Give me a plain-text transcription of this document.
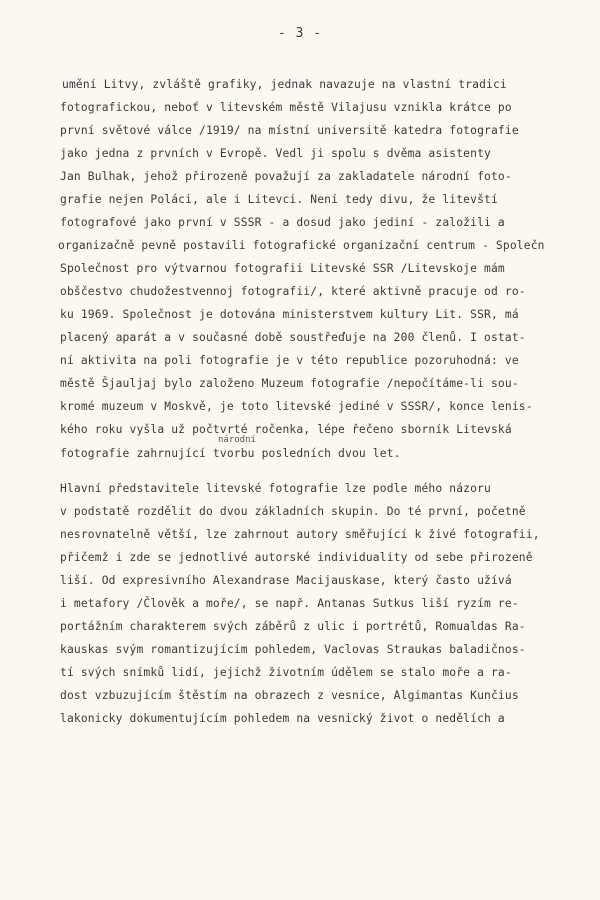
- 3 -
umění Litvy, zvláště grafiky, jednak navazuje na vlastní tradici
fotografickou, neboť v litevském městě Vilajusu vznikla krátce po
první světové válce /1919/ na místní universitě katedra fotografie
jako jedna z prvních v Evropě. Vedl ji spolu s dvěma asistenty
Jan Bulhak, jehož přirozeně považují za zakladatele národní foto-
grafie nejen Poláci, ale i Litevci. Není tedy divu, že litevští
fotografové jako první v SSSR - a dosud jako jediní - založili a
organizačně pevně postavili fotografické organizační centrum - Společn
Společnost pro výtvarnou fotografii Litevské SSR /Litevskoje mám
obščestvo chudožestvennoj fotografii/, které aktivně pracuje od ro-
ku 1969. Společnost je dotována ministerstvem kultury Lit. SSR, má
placený aparát a v současné době soustřeďuje na 200 členů. I ostat-
ní aktivita na poli fotografie je v této republice pozoruhodná: ve
městě Šjauljaj bylo založeno Muzeum fotografie /nepočítáme-li sou-
kromé muzeum v Moskvě, je toto litevské jediné v SSSR/, konce lenis-
kého roku vyšla už počtvrté ročenka, lépe řečeno sborník Litevská
národní
fotografie zahrnující tvorbu posledních dvou let.
Hlavní představitele litevské fotografie lze podle mého názoru
v podstatě rozdělit do dvou základních skupin. Do té první, početně
nesrovnatelně větší, lze zahrnout autory směřující k živé fotografii,
přičemž i zde se jednotlivé autorské individuality od sebe přirozeně
liší. Od expresivního Alexandrase Macijauskase, který často užívá
i metafory /Člověk a moře/, se např. Antanas Sutkus liší ryzím re-
portážním charakterem svých záběrů z ulic i portrétů, Romualdas Ra-
kauskas svým romantizujícím pohledem, Vaclovas Straukas baladičnos-
tí svých snímků lidí, jejichž životním údělem se stalo moře a ra-
dost vzbuzujícím štěstím na obrazech z vesnice, Algimantas Kunčius
lakonicky dokumentujícím pohledem na vesnický život o nedělích a
